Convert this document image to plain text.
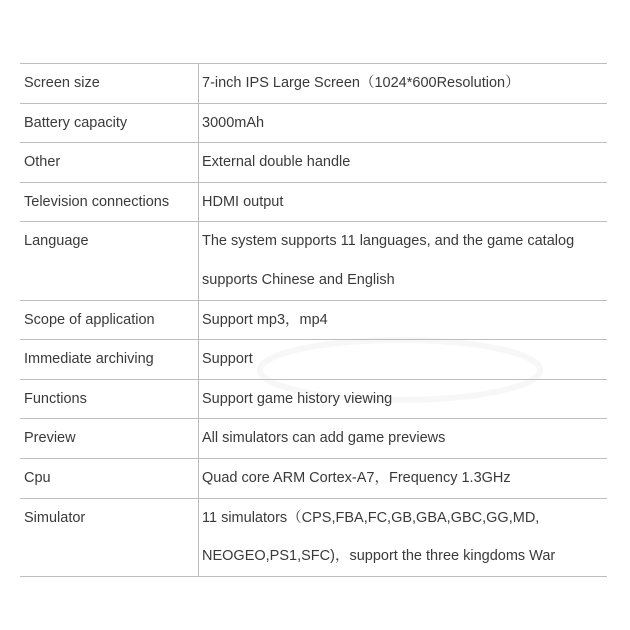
Screen size	7-inch IPS Large Screen（1024*600Resolution）
Battery capacity	3000mAh
Other	External double handle
Television connections	HDMI output
Language	The system supports 11 languages, and the game catalog supports Chinese and English
Scope of application	Support mp3，mp4
Immediate archiving	Support
Functions	Support game history viewing
Preview	All simulators can add game previews
Cpu	Quad core ARM Cortex-A7，Frequency 1.3GHz
Simulator	11 simulators（CPS,FBA,FC,GB,GBA,GBC,GG,MD, NEOGEO,PS1,SFC)，support the three kingdoms War
